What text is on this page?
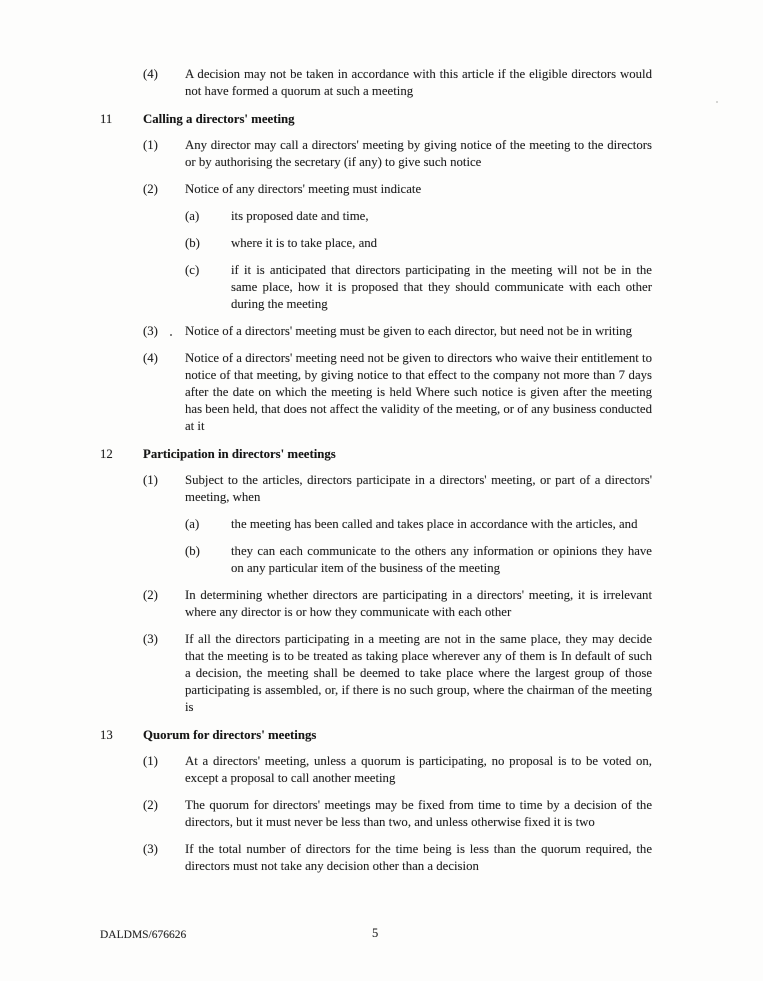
(4)	A decision may not be taken in accordance with this article if the eligible directors would not have formed a quorum at such a meeting

11	Calling a directors' meeting
(1)	Any director may call a directors' meeting by giving notice of the meeting to the directors or by authorising the secretary (if any) to give such notice

(2)	Notice of any directors' meeting must indicate

(a)	its proposed date and time,

(b)	where it is to take place, and

(c)	if it is anticipated that directors participating in the meeting will not be in the same place, how it is proposed that they should communicate with each other during the meeting

(3)	Notice of a directors' meeting must be given to each director, but need not be in writing

(4)	Notice of a directors' meeting need not be given to directors who waive their entitlement to notice of that meeting, by giving notice to that effect to the company not more than 7 days after the date on which the meeting is held Where such notice is given after the meeting has been held, that does not affect the validity of the meeting, or of any business conducted at it

12	Participation in directors' meetings
(1)	Subject to the articles, directors participate in a directors' meeting, or part of a directors' meeting, when

(a)	the meeting has been called and takes place in accordance with the articles, and

(b)	they can each communicate to the others any information or opinions they have on any particular item of the business of the meeting

(2)	In determining whether directors are participating in a directors' meeting, it is irrelevant where any director is or how they communicate with each other

(3)	If all the directors participating in a meeting are not in the same place, they may decide that the meeting is to be treated as taking place wherever any of them is In default of such a decision, the meeting shall be deemed to take place where the largest group of those participating is assembled, or, if there is no such group, where the chairman of the meeting is

13	Quorum for directors' meetings
(1)	At a directors' meeting, unless a quorum is participating, no proposal is to be voted on, except a proposal to call another meeting

(2)	The quorum for directors' meetings may be fixed from time to time by a decision of the directors, but it must never be less than two, and unless otherwise fixed it is two

(3)	If the total number of directors for the time being is less than the quorum required, the directors must not take any decision other than a decision

DALDMS/676626	5
